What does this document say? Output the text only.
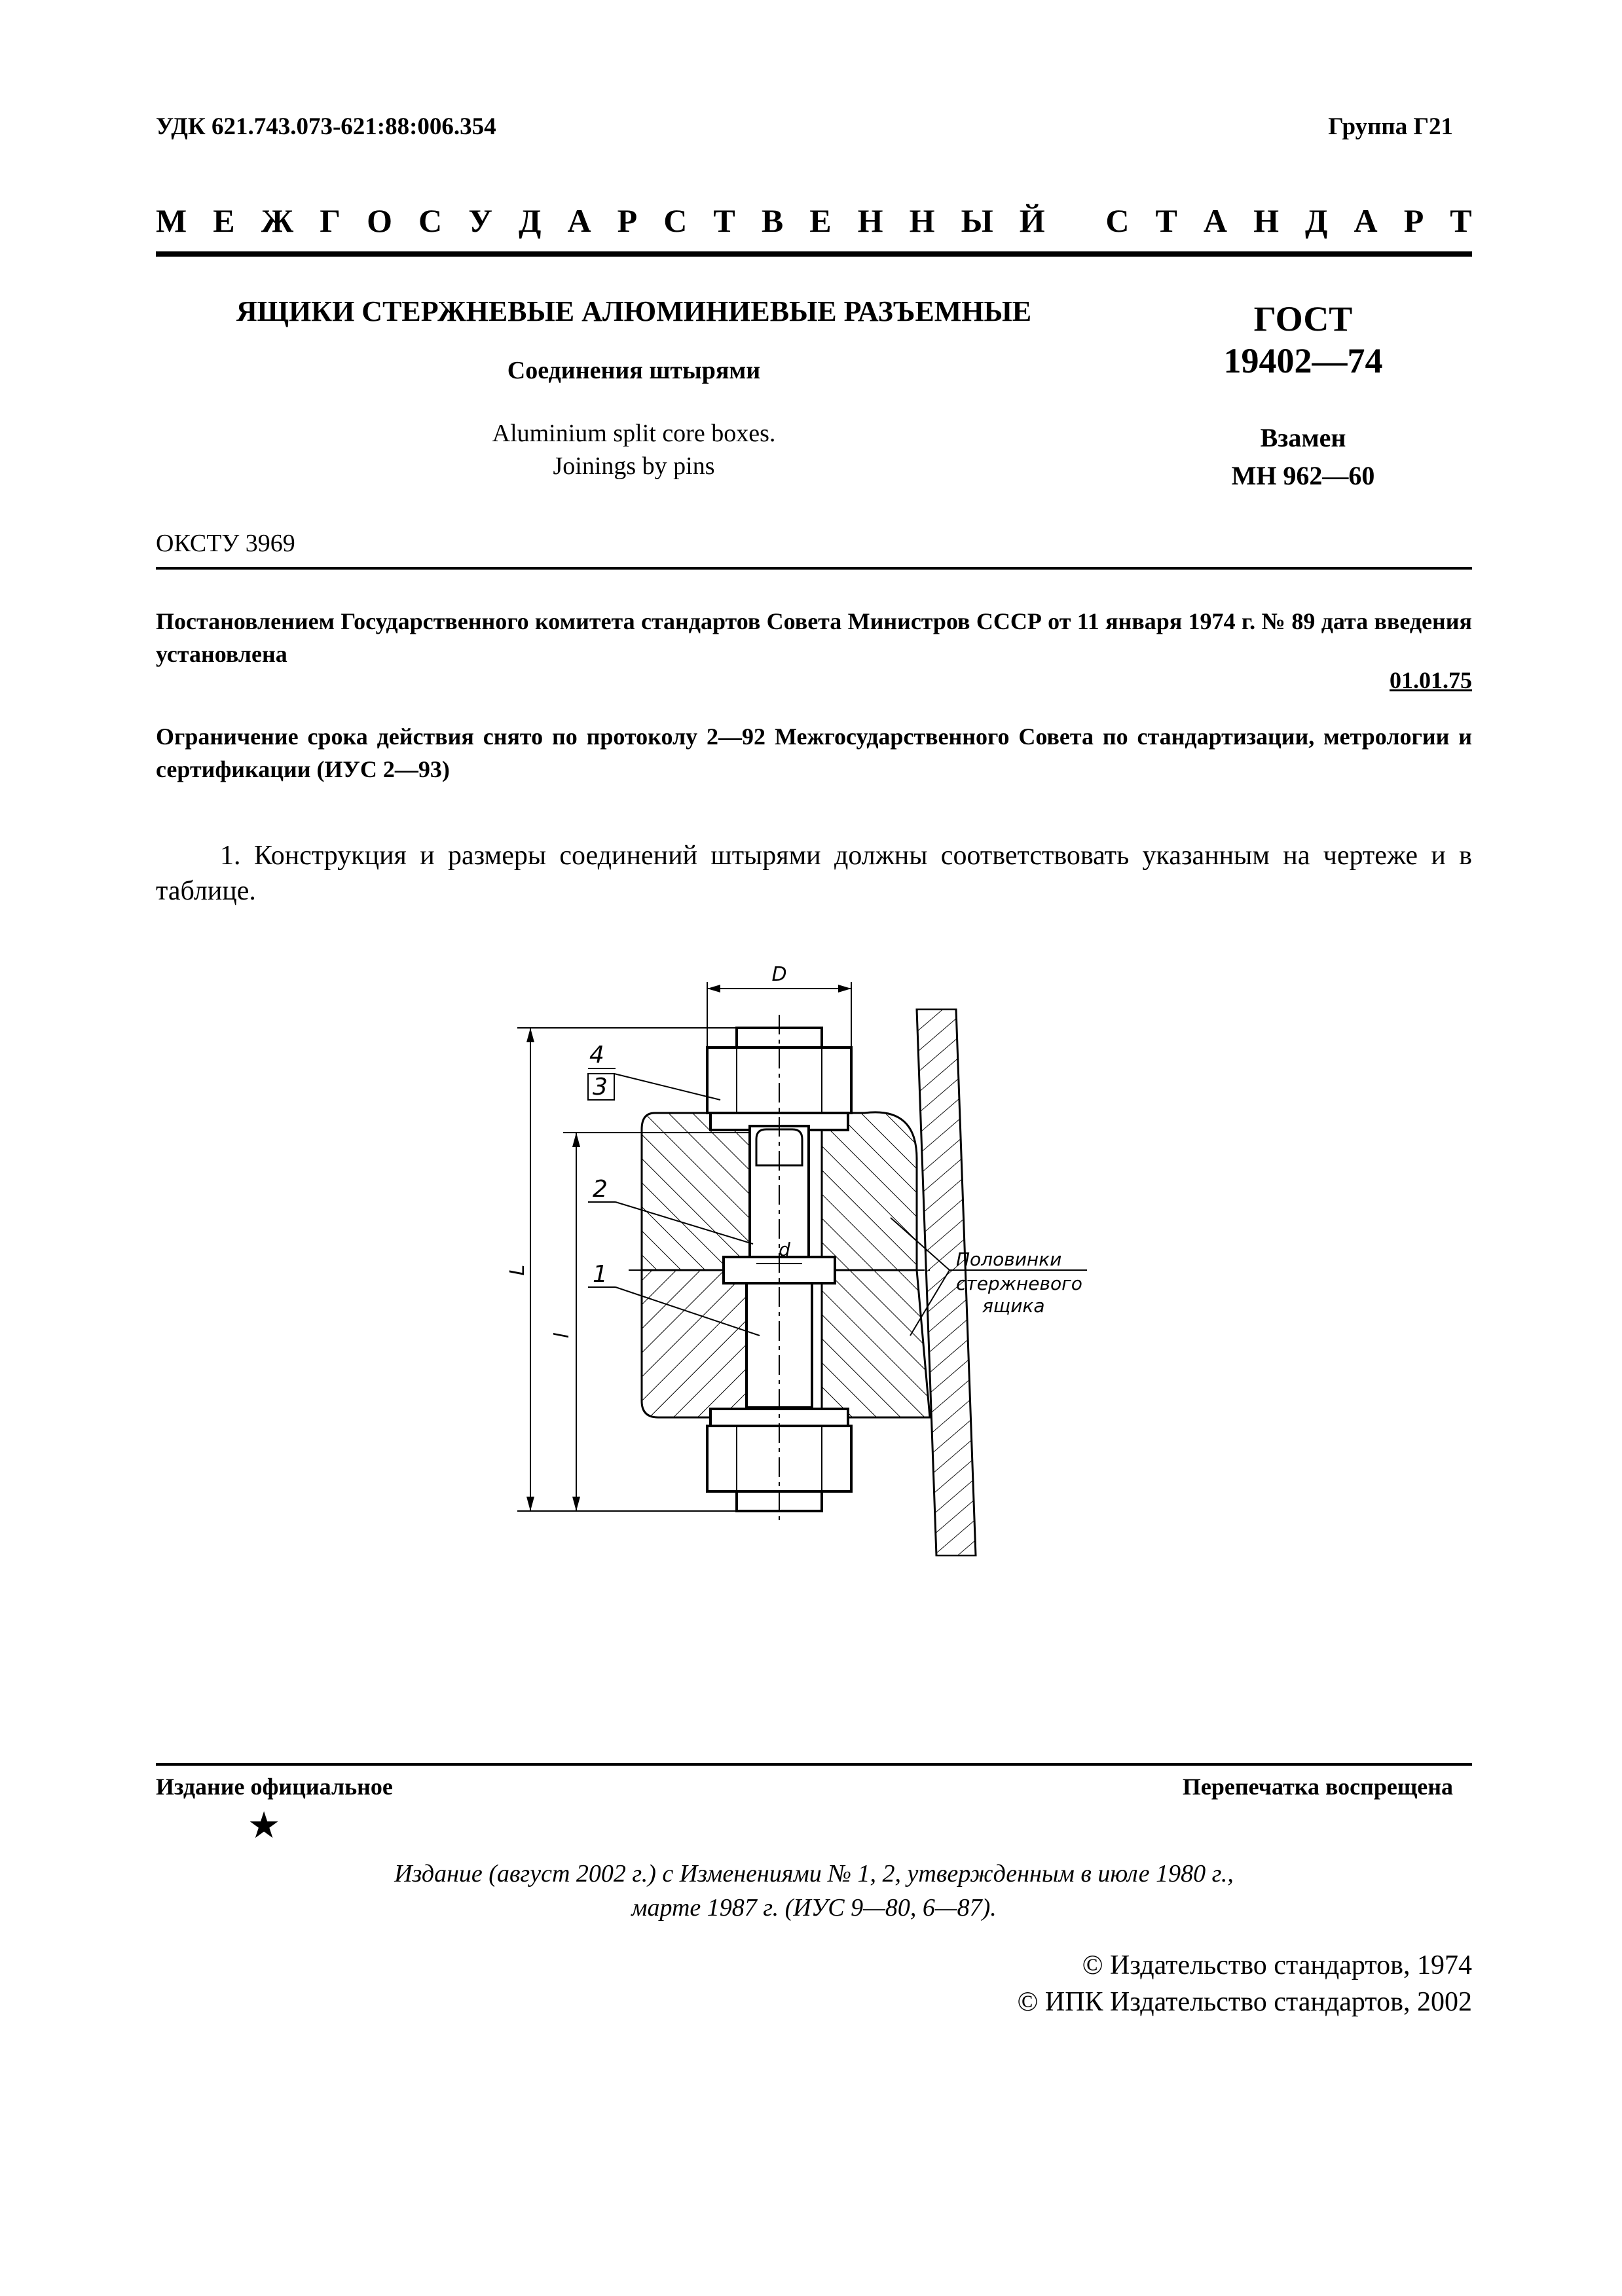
УДК 621.743.073-621:88:006.354	Группа Г21
М Е Ж Г О С У Д А Р С Т В Е Н Н Ы Й
С Т А Н Д А Р Т
ЯЩИКИ СТЕРЖНЕВЫЕ АЛЮМИНИЕВЫЕ РАЗЪЕМНЫЕ
Соединения штырями
Aluminium split core boxes.
Joinings by pins
ГОСТ
19402—74
Взамен
МН 962—60
ОКСТУ 3969
Постановлением Государственного комитета стандартов Совета Министров СССР от 11 января 1974 г. № 89 дата введения установлена
01.01.75
Ограничение срока действия снято по протоколу 2—92 Межгосударственного Совета по стандартизации, метрологии и сертификации (ИУС 2—93)
1. Конструкция и размеры соединений штырями должны соответствовать указанным на чертеже и в таблице.
D
d
L
l
4
3
2
1
Половинки
стержневого
ящика
Издание официальное	Перепечатка воспрещена
★
Издание (август 2002 г.) с Изменениями № 1, 2, утвержденным в июле 1980 г.,
марте 1987 г. (ИУС 9—80, 6—87).
© Издательство стандартов, 1974
© ИПК Издательство стандартов, 2002
